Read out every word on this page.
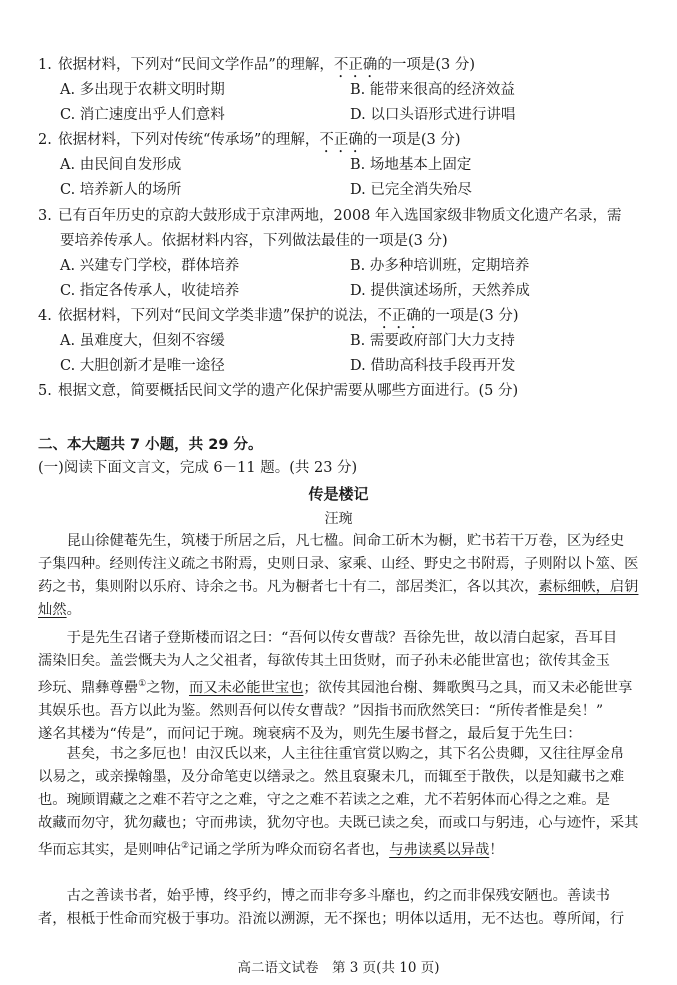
1. 依据材料，下列对“民间文学作品”的理解，不正确的一项是(3 分)
A. 多出现于农耕文明时期	B. 能带来很高的经济效益
C. 消亡速度出乎人们意料	D. 以口头语形式进行讲唱
2. 依据材料，下列对传统“传承场”的理解，不正确的一项是(3 分)
A. 由民间自发形成	B. 场地基本上固定
C. 培养新人的场所	D. 已完全消失殆尽
3. 已有百年历史的京韵大鼓形成于京津两地，2008 年入选国家级非物质文化遗产名录，需
要培养传承人。依据材料内容，下列做法最佳的一项是(3 分)
A. 兴建专门学校，群体培养	B. 办多种培训班，定期培养
C. 指定各传承人，收徒培养	D. 提供演述场所，天然养成
4. 依据材料，下列对“民间文学类非遗”保护的说法，不正确的一项是(3 分)
A. 虽难度大，但刻不容缓	B. 需要政府部门大力支持
C. 大胆创新才是唯一途径	D. 借助高科技手段再开发
5. 根据文意，简要概括民间文学的遗产化保护需要从哪些方面进行。(5 分)
二、本大题共 7 小题，共 29 分。
(一)阅读下面文言文，完成 6－11 题。(共 23 分)
传是楼记
汪琬
　　昆山徐健菴先生，筑楼于所居之后，凡七楹。间命工斫木为橱，贮书若干万卷，区为经史
子集四种。经则传注义疏之书附焉，史则日录、家乘、山经、野史之书附焉，子则附以卜筮、医
药之书，集则附以乐府、诗余之书。凡为橱者七十有二，部居类汇，各以其次，素标细帙，启钥
灿然。
　　于是先生召诸子登斯楼而诏之曰：“吾何以传女曹哉？吾徐先世，故以清白起家，吾耳目
濡染旧矣。盖尝慨夫为人之父祖者，每欲传其土田货财，而子孙未必能世富也；欲传其金玉
珍玩、鼎彝尊罍①之物，而又未必能世宝也；欲传其园池台榭、舞歌舆马之具，而又未必能世享
其娱乐也。吾方以此为鉴。然则吾何以传女曹哉？”因指书而欣然笑曰：“所传者惟是矣！”
遂名其楼为“传是”，而问记于琬。琬衰病不及为，则先生屡书督之，最后复于先生曰：
　　甚矣，书之多厄也！由汉氏以来，人主往往重官赏以购之，其下名公贵卿，又往往厚金帛
以易之，或亲操翰墨，及分命笔吏以缮录之。然且裒聚未几，而辄至于散佚，以是知藏书之难
也。琬顾谓藏之之难不若守之之难，守之之难不若读之之难，尤不若躬体而心得之之难。是
故藏而勿守，犹勿藏也；守而弗读，犹勿守也。夫既已读之矣，而或口与躬违，心与迹忤，采其
华而忘其实，是则呻佔②记诵之学所为哗众而窃名者也，与弗读奚以异哉！
　　古之善读书者，始乎博，终乎约，博之而非夸多斗靡也，约之而非保残安陋也。善读书
者，根柢于性命而究极于事功。沿流以溯源，无不探也；明体以适用，无不达也。尊所闻，行
高二语文试卷　第 3 页(共 10 页)
